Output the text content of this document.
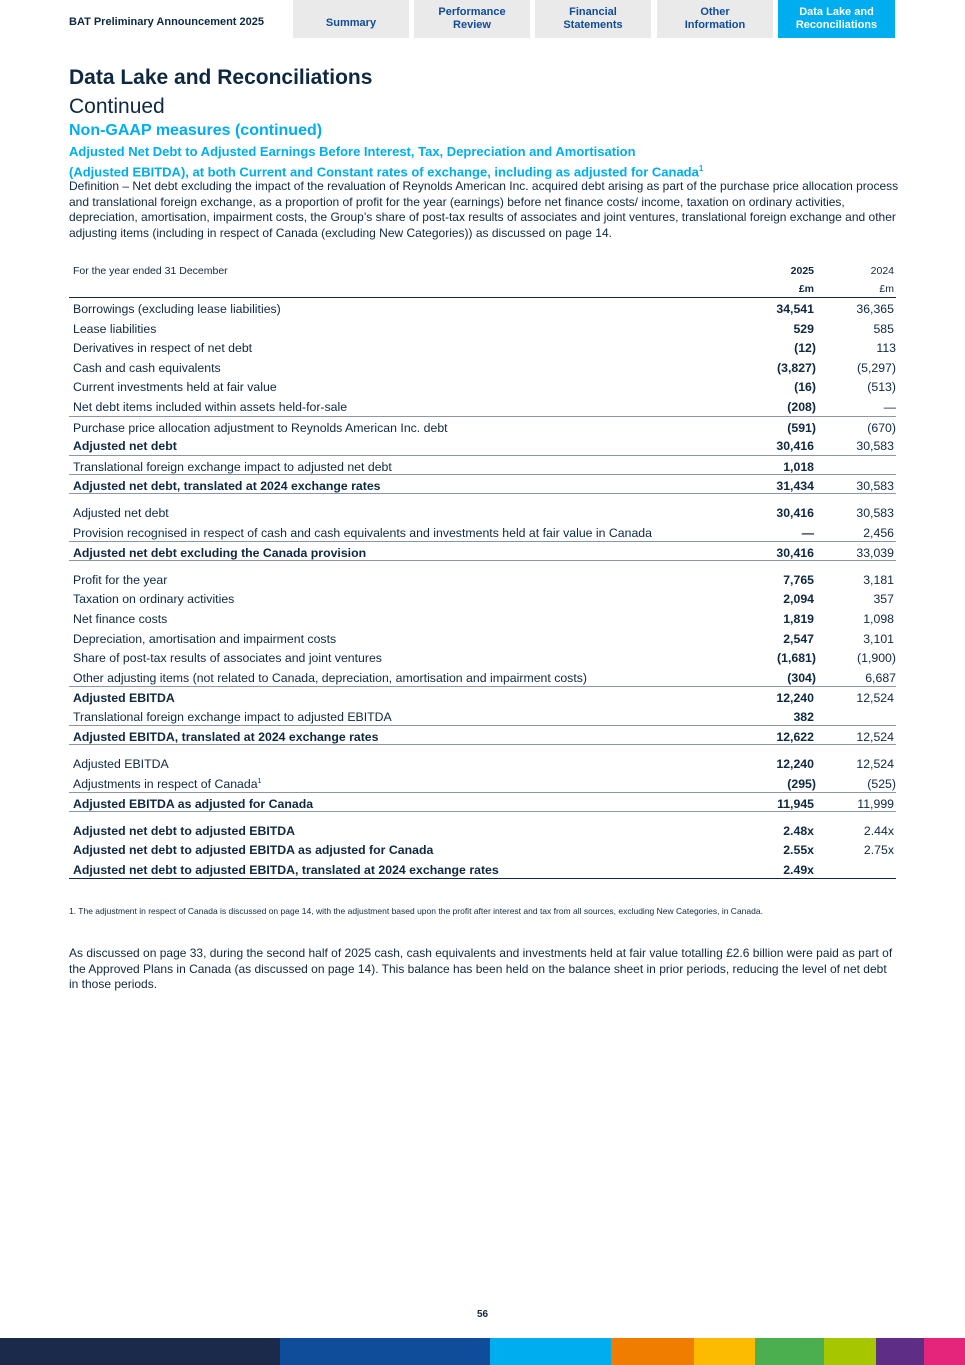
BAT Preliminary Announcement 2025	Summary
Performance
Review
Financial
Statements
Other
Information
Data Lake and
Reconciliations
Data Lake and Reconciliations
Continued
Non-GAAP measures (continued)
Adjusted Net Debt to Adjusted Earnings Before Interest, Tax, Depreciation and Amortisation
(Adjusted EBITDA), at both Current and Constant rates of exchange, including as adjusted for Canada$^1$
Definition – Net debt excluding the impact of the revaluation of Reynolds American Inc. acquired debt arising as part of the purchase price allocation process and translational foreign exchange, as a proportion of profit for the year (earnings) before net finance costs/ income, taxation on ordinary activities, depreciation, amortisation, impairment costs, the Group’s share of post-tax results of associates and joint ventures, translational foreign exchange and other adjusting items (including in respect of Canada (excluding New Categories)) as discussed on page 14.
For the year ended 31 December	2025	2024
£m	£m
Borrowings (excluding lease liabilities)	34,541	36,365
Lease liabilities	529	585
Derivatives in respect of net debt	(12)	113
Cash and cash equivalents	(3,827)	(5,297)
Current investments held at fair value	(16)	(513)
Net debt items included within assets held-for-sale	(208)	—
Purchase price allocation adjustment to Reynolds American Inc. debt	(591)	(670)
Adjusted net debt	30,416	30,583
Translational foreign exchange impact to adjusted net debt	1,018
Adjusted net debt, translated at 2024 exchange rates	31,434	30,583
Adjusted net debt	30,416	30,583
Provision recognised in respect of cash and cash equivalents and investments held at fair value in Canada	—	2,456
Adjusted net debt excluding the Canada provision	30,416	33,039
Profit for the year	7,765	3,181
Taxation on ordinary activities	2,094	357
Net finance costs	1,819	1,098
Depreciation, amortisation and impairment costs	2,547	3,101
Share of post-tax results of associates and joint ventures	(1,681)	(1,900)
Other adjusting items (not related to Canada, depreciation, amortisation and impairment costs)	(304)	6,687
Adjusted EBITDA	12,240	12,524
Translational foreign exchange impact to adjusted EBITDA	382
Adjusted EBITDA, translated at 2024 exchange rates	12,622	12,524
Adjusted EBITDA	12,240	12,524
Adjustments in respect of Canada$^1$	(295)	(525)
Adjusted EBITDA as adjusted for Canada	11,945	11,999
Adjusted net debt to adjusted EBITDA	2.48x	2.44x
Adjusted net debt to adjusted EBITDA as adjusted for Canada	2.55x	2.75x
Adjusted net debt to adjusted EBITDA, translated at 2024 exchange rates	2.49x
1. The adjustment in respect of Canada is discussed on page 14, with the adjustment based upon the profit after interest and tax from all sources, excluding New Categories, in Canada.
As discussed on page 33, during the second half of 2025 cash, cash equivalents and investments held at fair value totalling £2.6 billion were paid as part of the Approved Plans in Canada (as discussed on page 14). This balance has been held on the balance sheet in prior periods, reducing the level of net debt in those periods.
56
